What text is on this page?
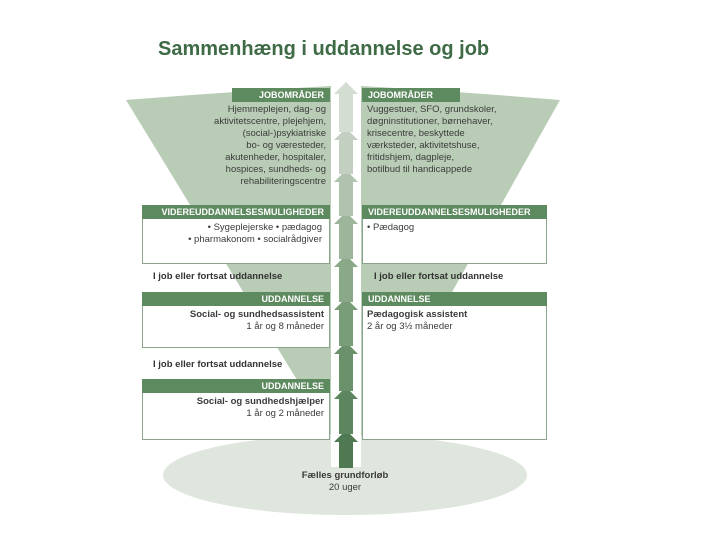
Sammenhæng i uddannelse og job
JOBOMRÅDER
Hjemmeplejen, dag- og
aktivitetscentre, plejehjem,
(social-)psykiatriske
bo- og væresteder,
akutenheder, hospitaler,
hospices, sundheds- og
rehabiliteringscentre
JOBOMRÅDER
Vuggestuer, SFO, grundskoler,
døgninstitutioner, børnehaver,
krisecentre, beskyttede
værksteder, aktivitetshuse,
fritidshjem, dagpleje,
botilbud til handicappede
VIDEREUDDANNELSESMULIGHEDER
• Sygeplejerske • pædagog
• pharmakonom • socialrådgiver
VIDEREUDDANNELSESMULIGHEDER
• Pædagog
I job eller fortsat uddannelse	I job eller fortsat uddannelse
UDDANNELSE
Social- og sundhedsassistent
1 år og 8 måneder
UDDANNELSE
Pædagogisk assistent
2 år og 3½ måneder
I job eller fortsat uddannelse
UDDANNELSE
Social- og sundhedshjælper
1 år og 2 måneder
Fælles grundforløb
20 uger
